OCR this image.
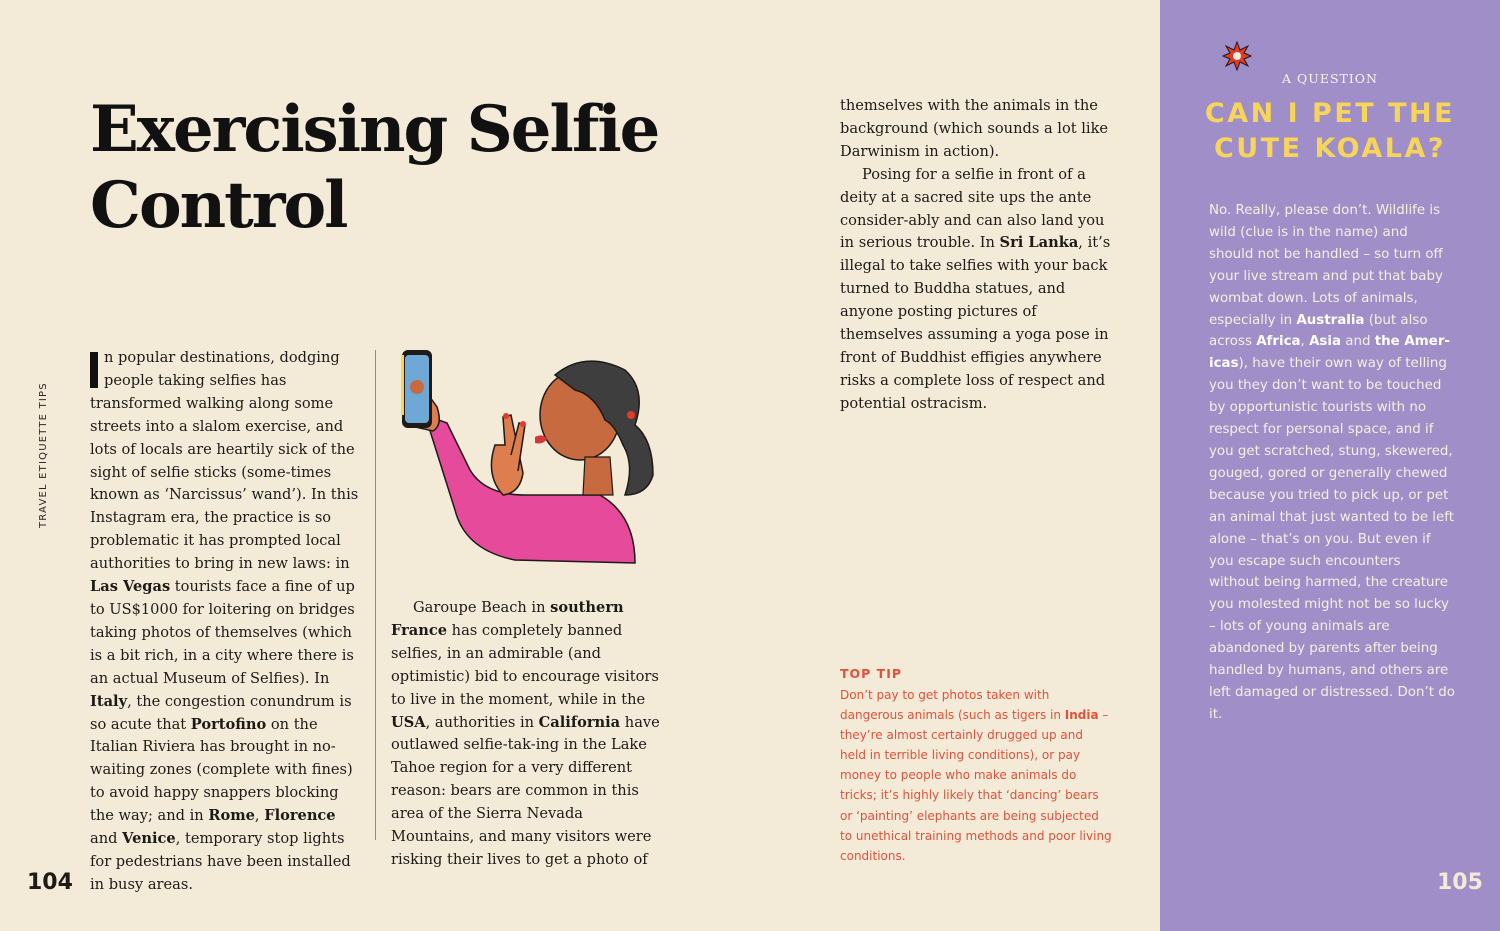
TRAVEL ETIQUETTE TIPS
Exercising Selfie
Control

n popular destinations, dodging people taking selfies has transformed walking along some streets into a slalom exercise, and lots of locals are heartily sick of the sight of selfie sticks (some-times known as ‘Narcissus’ wand’). In this Instagram era, the practice is so problematic it has prompted local authorities to bring in new laws: in Las Vegas tourists face a fine of up to US$1000 for loitering on bridges taking photos of themselves (which is a bit rich, in a city where there is an actual Museum of Selfies). In Italy, the congestion conundrum is so acute that Portofino on the Italian Riviera has brought in no-waiting zones (complete with fines) to avoid happy snappers blocking the way; and in Rome, Florence and Venice, temporary stop lights for pedestrians have been installed in busy areas.

Garoupe Beach in southern France has completely banned selfies, in an admirable (and optimistic) bid to encourage visitors to live in the moment, while in the USA, authorities in California have outlawed selfie-tak-ing in the Lake Tahoe region for a very different reason: bears are common in this area of the Sierra Nevada Mountains, and many visitors were risking their lives to get a photo of

themselves with the animals in the background (which sounds a lot like Darwinism in action).

Posing for a selfie in front of a deity at a sacred site ups the ante consider-ably and can also land you in serious trouble. In Sri Lanka, it’s illegal to take selfies with your back turned to Buddha statues, and anyone posting pictures of themselves assuming a yoga pose in front of Buddhist effigies anywhere risks a complete loss of respect and potential ostracism.

TOP TIP

Don’t pay to get photos taken with dangerous animals (such as tigers in India – they’re almost certainly drugged up and held in terrible living conditions), or pay money to people who make animals do tricks; it’s highly likely that ‘dancing’ bears or ‘painting’ elephants are being subjected to unethical training methods and poor living conditions.

A QUESTION
CAN I PET THE
CUTE KOALA?

No. Really, please don’t. Wildlife is wild (clue is in the name) and should not be handled – so turn off your live stream and put that baby wombat down. Lots of animals, especially in Australia (but also across Africa, Asia and the Amer-icas), have their own way of telling you they don’t want to be touched by opportunistic tourists with no respect for personal space, and if you get scratched, stung, skewered, gouged, gored or generally chewed because you tried to pick up, or pet an animal that just wanted to be left alone – that’s on you. But even if you escape such encounters without being harmed, the creature you molested might not be so lucky – lots of young animals are abandoned by parents after being handled by humans, and others are left damaged or distressed. Don’t do it.

104	105
